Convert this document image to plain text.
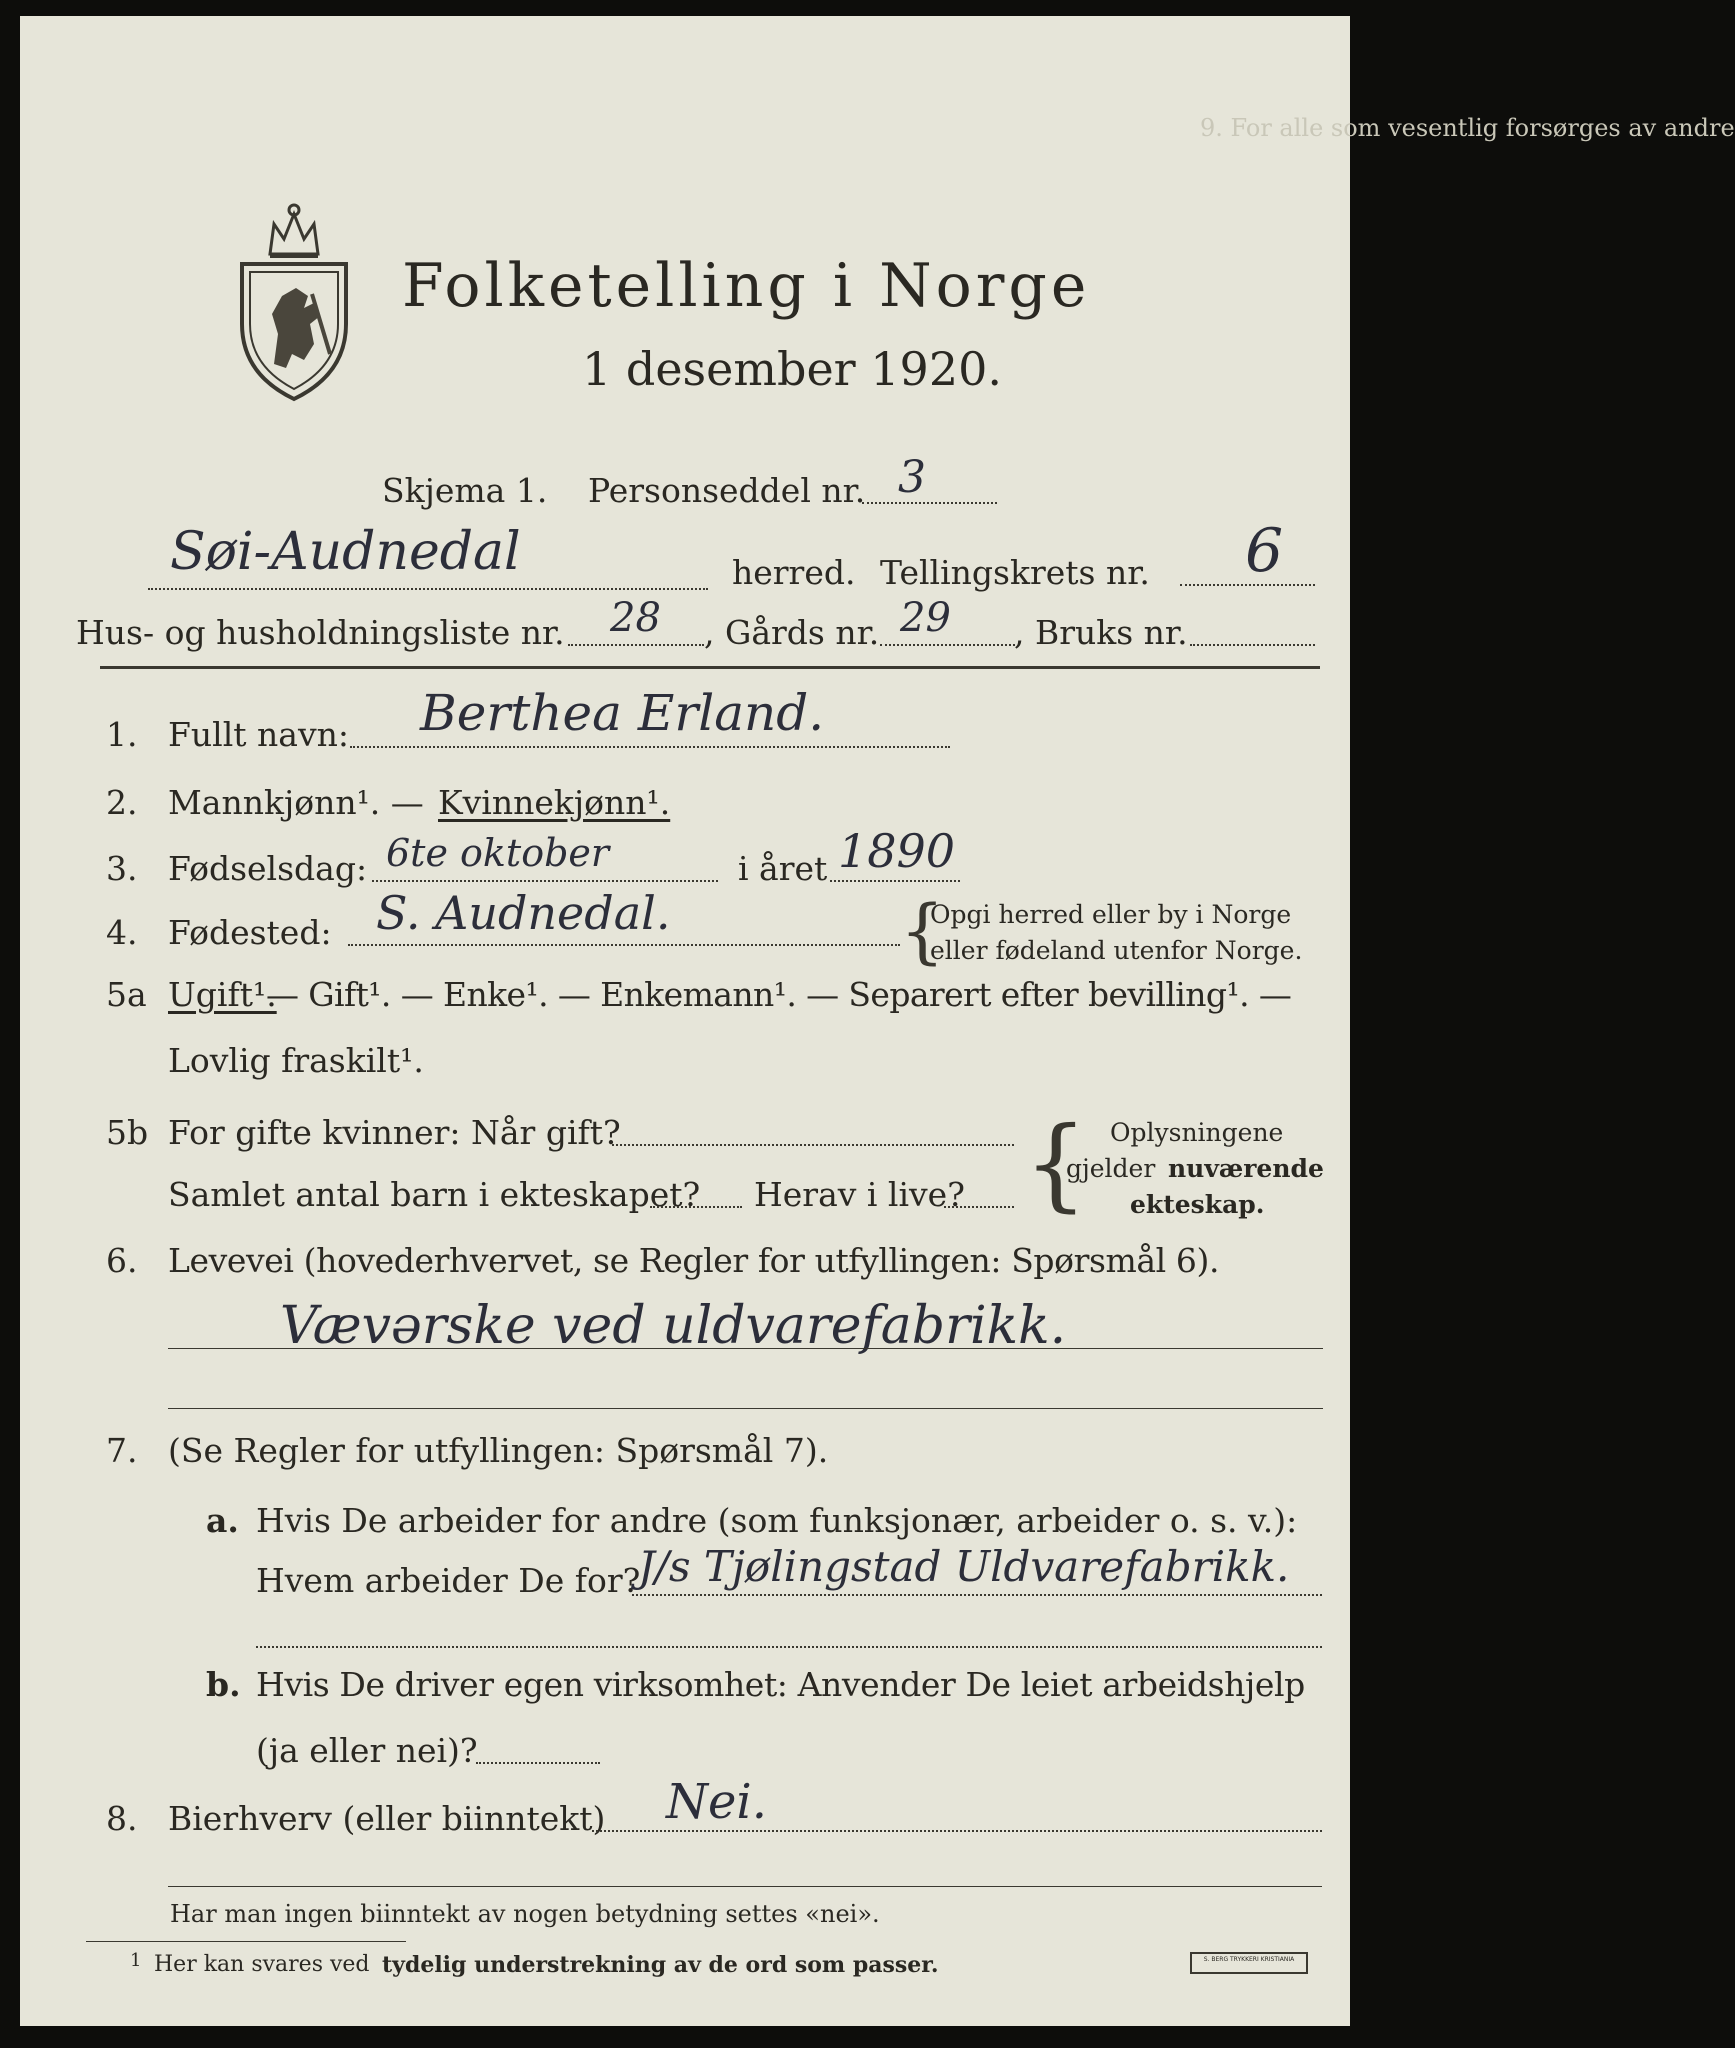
9. For alle som vesentlig forsørges av andre
Folketelling i Norge
1 desember 1920.
Skjema 1. Personseddel nr. 3
Søi-Audnedal	herred. Tellingskrets nr. 6
Hus- og husholdningsliste nr. 28 , Gårds nr. 29 , Bruks nr.
1. Fullt navn: Berthea Erland.
2. Mannkjønn¹. — Kvinnekjønn¹.
3. Fødselsdag: 6te oktober	i året 1890
4. Fødested: S. Audnedal.	{
Opgi herred eller by i Norge
eller fødeland utenfor Norge.
5a Ugift¹.
— Gift¹. — Enke¹. — Enkemann¹. — Separert efter bevilling¹. —
Lovlig fraskilt¹.
5b For gifte kvinner: Når gift?
Samlet antal barn i ekteskapet? Herav i live? { Oplysningene
gjelder nuværende
ekteskap.
6. Levevei (hovederhvervet, se Regler for utfyllingen: Spørsmål 6).
Vævərske ved uldvarefabrikk.
7. (Se Regler for utfyllingen: Spørsmål 7).
a. Hvis De arbeider for andre (som funksjonær, arbeider o. s. v.):
Hvem arbeider De for?
J/s Tjølingstad Uldvarefabrikk.
b. Hvis De driver egen virksomhet: Anvender De leiet arbeidshjelp
(ja eller nei)?
8. Bierhverv (eller biinntekt) Nei.
Har man ingen biinntekt av nogen betydning settes «nei».
1 Her kan svares ved tydelig understrekning av de ord som passer.	S. BERG TRYKKERI KRISTIANIA
